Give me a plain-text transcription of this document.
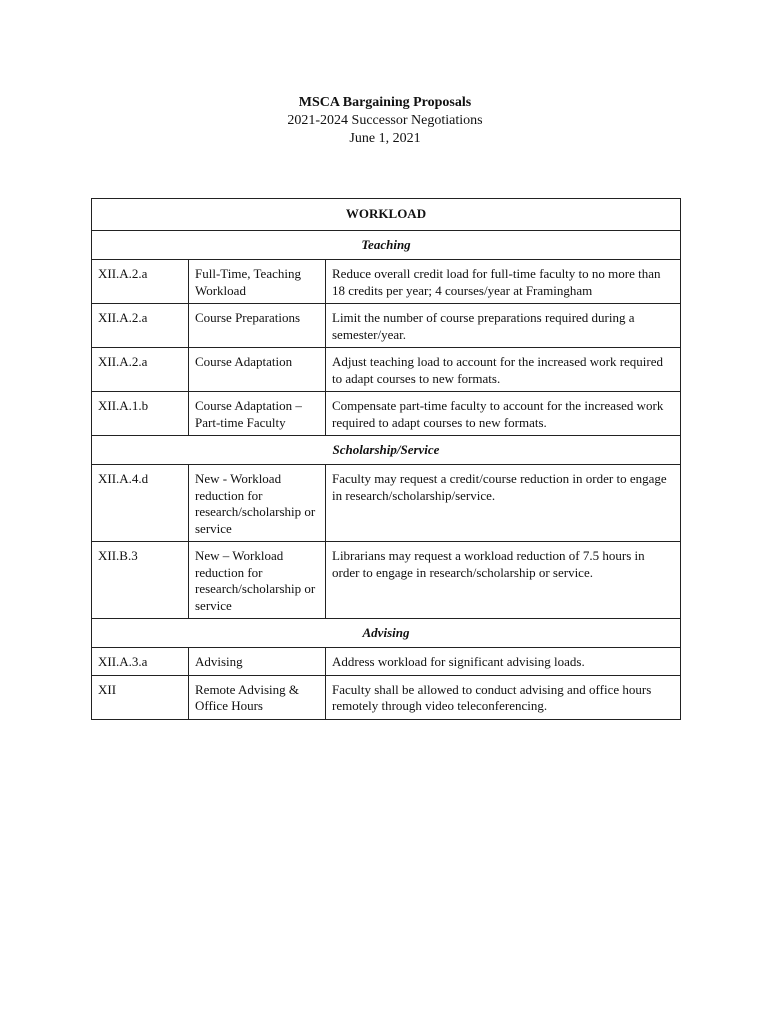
MSCA Bargaining Proposals
2021-2024 Successor Negotiations
June 1, 2021
WORKLOAD		
Teaching		
XII.A.2.a	Full-Time, Teaching Workload	Reduce overall credit load for full-time faculty to no more than 18 credits per year; 4 courses/year at Framingham
XII.A.2.a	Course Preparations	Limit the number of course preparations required during a semester/year.
XII.A.2.a	Course Adaptation	Adjust teaching load to account for the increased work required to adapt courses to new formats.
XII.A.1.b	Course Adaptation – Part-time Faculty	Compensate part-time faculty to account for the increased work required to adapt courses to new formats.
Scholarship/Service		
XII.A.4.d	New - Workload reduction for research/scholarship or service	Faculty may request a credit/course reduction in order to engage in research/scholarship/service.
XII.B.3	New – Workload reduction for research/scholarship or service	Librarians may request a workload reduction of 7.5 hours in order to engage in research/scholarship or service.
Advising		
XII.A.3.a	Advising	Address workload for significant advising loads.
XII	Remote Advising & Office Hours	Faculty shall be allowed to conduct advising and office hours remotely through video teleconferencing.
